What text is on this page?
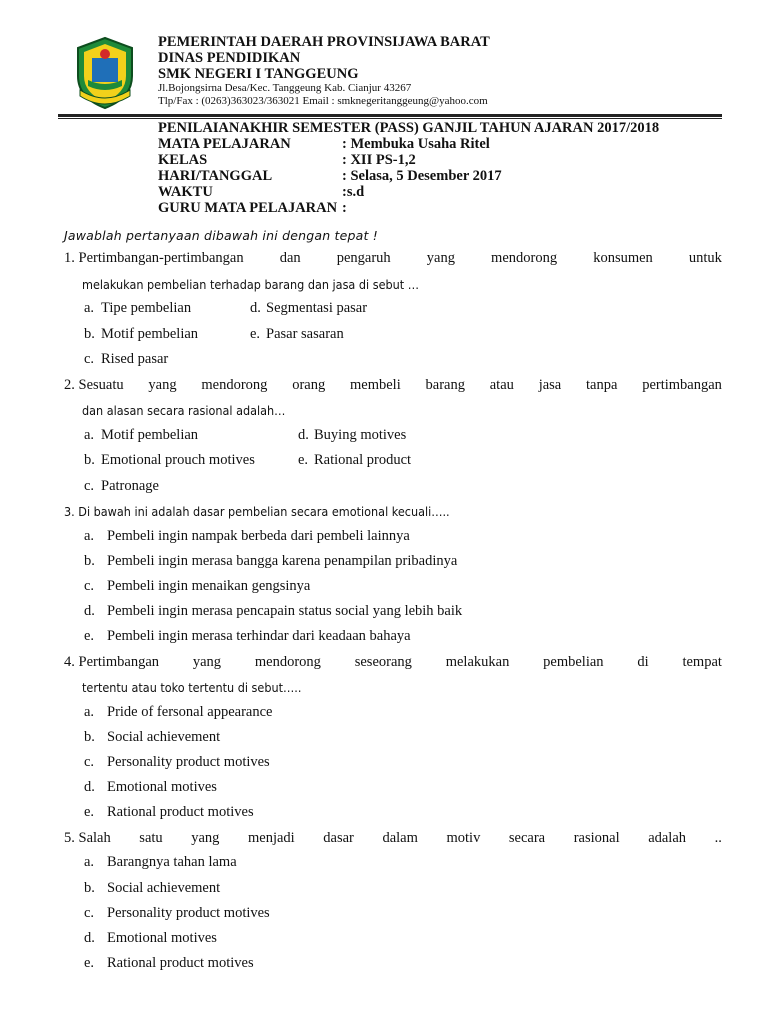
PEMERINTAH DAERAH PROVINSIJAWA BARAT
DINAS PENDIDIKAN
SMK NEGERI I TANGGEUNG
Jl.Bojongsirna Desa/Kec. Tanggeung Kab. Cianjur 43267
Tlp/Fax : (0263)363023/363021 Email : smknegeritanggeung@yahoo.com
PENILAIANAKHIR SEMESTER (PASS) GANJIL TAHUN AJARAN 2017/2018
MATA PELAJARAN	: Membuka Usaha Ritel
KELAS	: XII PS-1,2
HARI/TANGGAL	: Selasa, 5 Desember 2017
WAKTU	:s.d
GURU MATA PELAJARAN :
Jawablah pertanyaan dibawah ini dengan tepat !
1. Pertimbangan-pertimbangan dan pengaruh yang mendorong konsumen untuk
melakukan pembelian terhadap barang dan jasa di sebut …
a. Tipe pembelian
b. Motif pembelian
c. Rised pasar
d. Segmentasi pasar
e. Pasar sasaran
2. Sesuatu yang mendorong orang membeli barang atau jasa tanpa pertimbangan
dan alasan secara rasional adalah…
a. Motif pembelian
b. Emotional prouch motives
c. Patronage
d. Buying motives
e. Rational product
3. Di bawah ini adalah dasar pembelian secara emotional kecuali…..
a. Pembeli ingin nampak berbeda dari pembeli lainnya
b. Pembeli ingin merasa bangga karena penampilan pribadinya
c. Pembeli ingin menaikan gengsinya
d. Pembeli ingin merasa pencapain status social yang lebih baik
e. Pembeli ingin merasa terhindar dari keadaan bahaya
4. Pertimbangan yang mendorong seseorang melakukan pembelian di tempat
tertentu atau toko tertentu di sebut…..
a. Pride of fersonal appearance
b. Social achievement
c. Personality product motives
d. Emotional motives
e. Rational product motives
5. Salah satu yang menjadi dasar dalam motiv secara rasional adalah ..
a. Barangnya tahan lama
b. Social achievement
c. Personality product motives
d. Emotional motives
e. Rational product motives
